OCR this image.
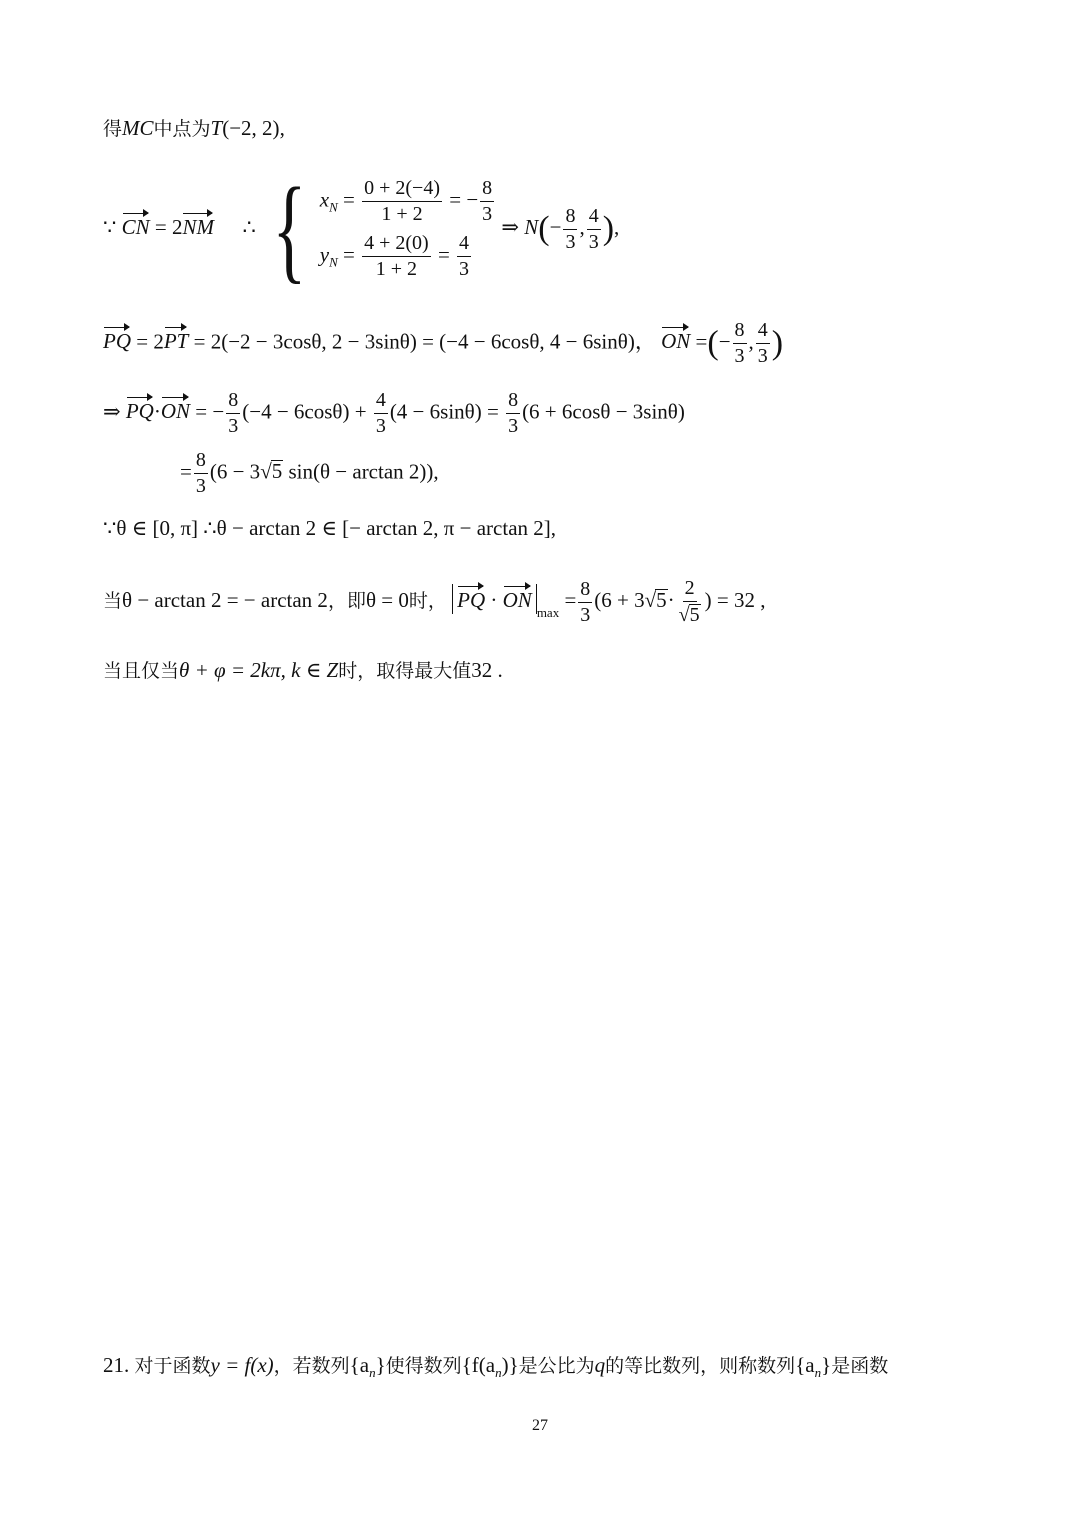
得MC中点为T(−2, 2),
∵ CN = 2NM ∴ { $x_N = \frac{0 + 2(-4)}{1 + 2}$ = − $\frac{8}{3}$
$y_N = \frac{4 + 2(0)}{1 + 2} = \frac{4}{3}$
⇒ $N(- \frac{8}{3}$ , $\frac{4}{3}$ ),
PQ = 2PT = 2(−2 − 3cosθ, 2 − 3sinθ) = (−4 − 6cosθ, 4 − 6sinθ)， ON =(− $\frac{8}{3}$ , $\frac{4}{3}$ )
⇒ PQ·ON = − $\frac{8}{3} (-4 - 6\cos\theta) + \frac{4}{3} (4 - 6\sin\theta) = \frac{8}{3} (6 + 6\cos\theta - 3\sin\theta)$
= $\frac{8}{3} (6 - 3√5$ sin(θ − arctan 2)),
∵θ ∈ [0, π] ∴θ − arctan 2 ∈ [− arctan 2, π − arctan 2],
当θ − arctan 2 = − arctan 2，即θ = 0时， PQ · $ON_{max} = \frac{8}{3} (6 + 3√5\cdot \frac{2}{√5}$ ) = 32 ,
当且仅当θ + φ = 2kπ, k ∈ Z时，取得最大值32 .
21. 对于函数y = f(x)，若数列$\{a_n\}$使得数列$\{f(a_n)\}$是公比为q的等比数列，则称数列$\{a_n\}$是函数
27
